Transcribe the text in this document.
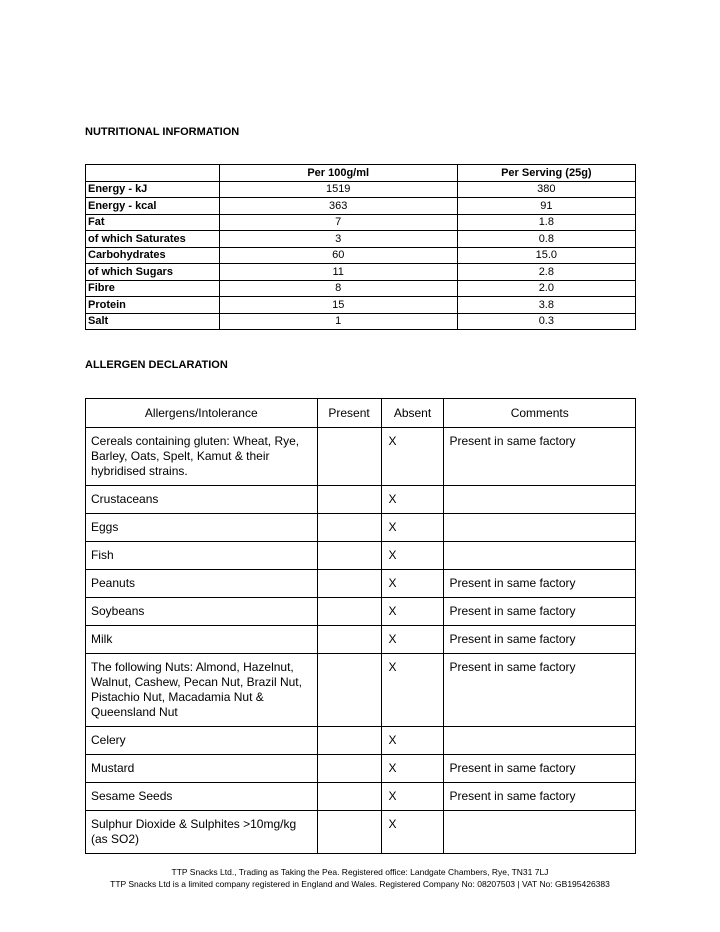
NUTRITIONAL INFORMATION
	Per 100g/ml	Per Serving (25g)
Energy - kJ	1519	380
Energy - kcal	363	91
Fat	7	1.8
of which Saturates	3	0.8
Carbohydrates	60	15.0
of which Sugars	11	2.8
Fibre	8	2.0
Protein	15	3.8
Salt	1	0.3
ALLERGEN DECLARATION
Allergens/Intolerance	Present	Absent	Comments
Cereals containing gluten: Wheat, Rye, Barley, Oats, Spelt, Kamut & their hybridised strains.		X	Present in same factory
Crustaceans		X	
Eggs		X	
Fish		X	
Peanuts		X	Present in same factory
Soybeans		X	Present in same factory
Milk		X	Present in same factory
The following Nuts: Almond, Hazelnut, Walnut, Cashew, Pecan Nut, Brazil Nut, Pistachio Nut, Macadamia Nut & Queensland Nut		X	Present in same factory
Celery		X	
Mustard		X	Present in same factory
Sesame Seeds		X	Present in same factory
Sulphur Dioxide & Sulphites >10mg/kg (as SO2)		X	
TTP Snacks Ltd., Trading as Taking the Pea. Registered office: Landgate Chambers, Rye, TN31 7LJ
TTP Snacks Ltd is a limited company registered in England and Wales. Registered Company No: 08207503 | VAT No: GB195426383
